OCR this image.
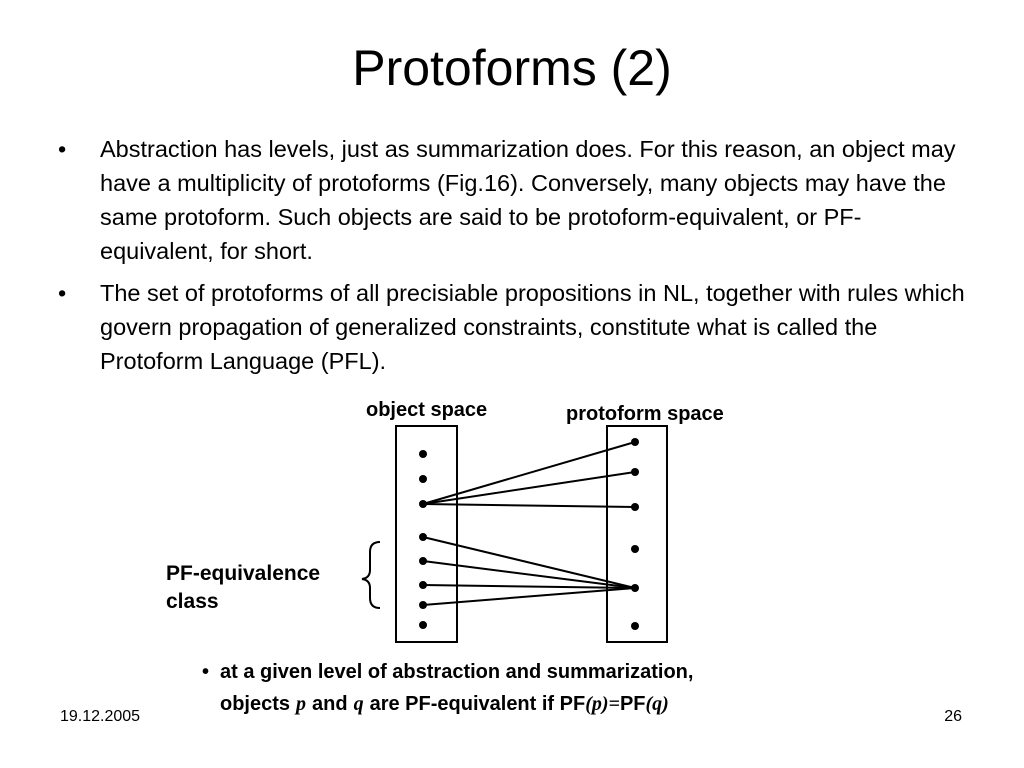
Protoforms (2)
• Abstraction has levels, just as summarization does. For this reason, an object may have a multiplicity of protoforms (Fig.16). Conversely, many objects may have the same protoform. Such objects are said to be protoform-equivalent, or PF-equivalent, for short.
• The set of protoforms of all precisiable propositions in NL, together with rules which govern propagation of generalized constraints, constitute what is called the Protoform Language (PFL).
object space	protoform space
PF-equivalence
class
• at a given level of abstraction and summarization,
objects p and q are PF-equivalent if PF(p)=PF(q)
19.12.2005	26
